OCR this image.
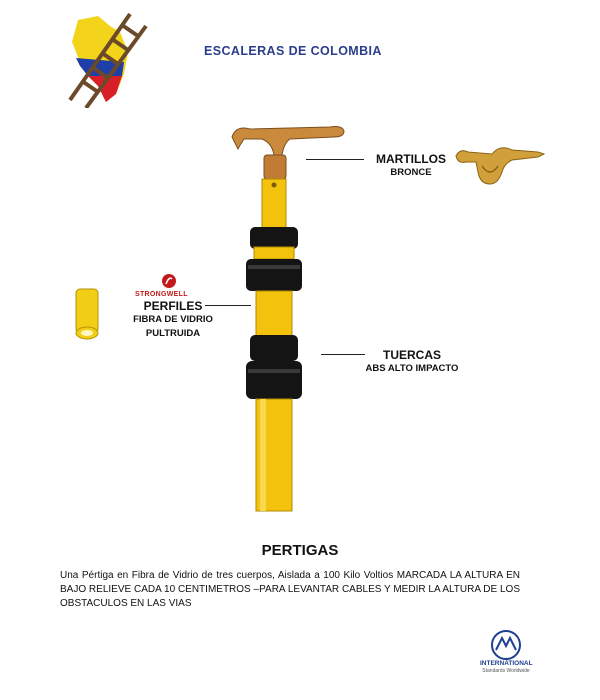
ESCALERAS DE COLOMBIA
MARTILLOS
BRONCE
STRONGWELL
PERFILES
FIBRA DE VIDRIO
PULTRUIDA
TUERCAS
ABS ALTO IMPACTO
PERTIGAS
Una Pértiga en Fibra de Vidrio de tres cuerpos, Aislada a 100 Kilo Voltios MARCADA LA ALTURA EN BAJO RELIEVE CADA 10 CENTIMETROS –PARA LEVANTAR CABLES Y MEDIR LA ALTURA DE LOS OBSTACULOS EN LAS VIAS
INTERNATIONAL
Standards Worldwide
